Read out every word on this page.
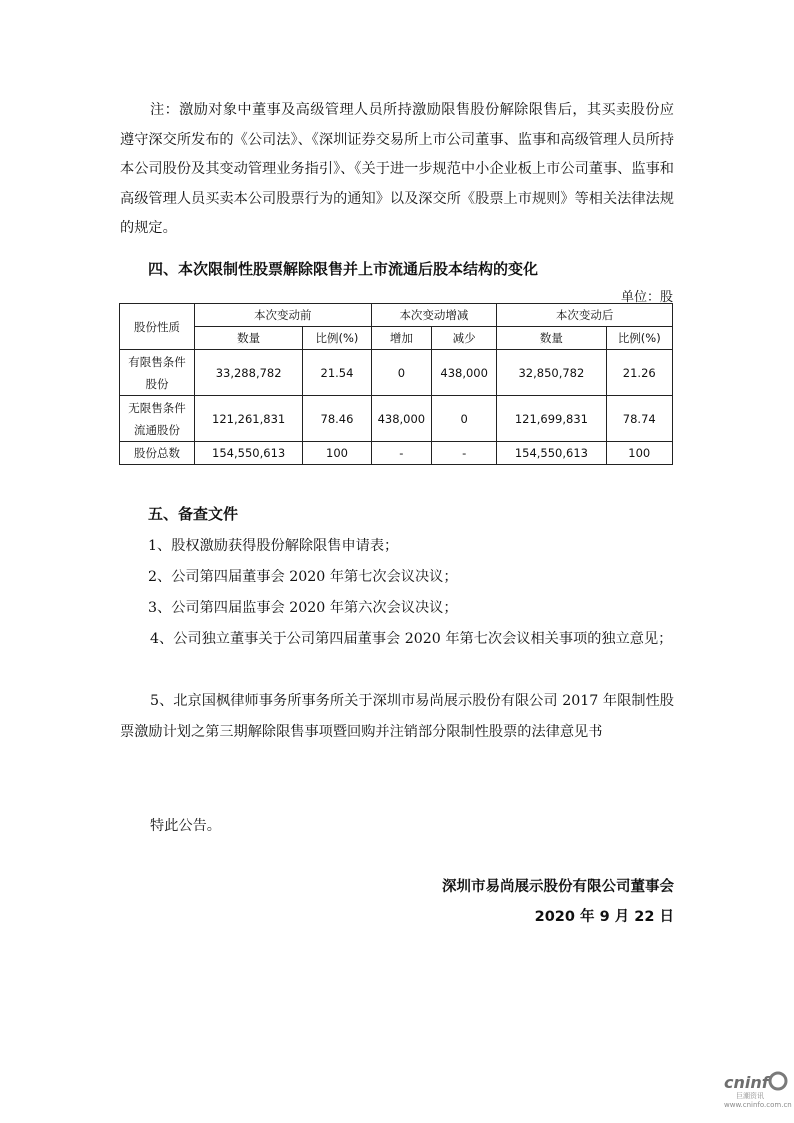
注：激励对象中董事及高级管理人员所持激励限售股份解除限售后，其买卖股份应遵守深交所发布的《公司法》、《深圳证券交易所上市公司董事、监事和高级管理人员所持本公司股份及其变动管理业务指引》、《关于进一步规范中小企业板上市公司董事、监事和高级管理人员买卖本公司股票行为的通知》以及深交所《股票上市规则》等相关法律法规的规定。
四、本次限制性股票解除限售并上市流通后股本结构的变化
单位：股
股份性质	本次变动前		本次变动增减		本次变动后	
	数量	比例(%)	增加	减少	数量	比例(%)
有限售条件
股份	33,288,782	21.54	0	438,000	32,850,782	21.26
无限售条件
流通股份	121,261,831	78.46	438,000	0	121,699,831	78.74
股份总数	154,550,613	100	-	-	154,550,613	100
五、备查文件
1、股权激励获得股份解除限售申请表；
2、公司第四届董事会 2020 年第七次会议决议；
3、公司第四届监事会 2020 年第六次会议决议；
4、公司独立董事关于公司第四届董事会 2020 年第七次会议相关事项的独立意见；
5、北京国枫律师事务所事务所关于深圳市易尚展示股份有限公司 2017 年限制性股票激励计划之第三期解除限售事项暨回购并注销部分限制性股票的法律意见书
特此公告。
深圳市易尚展示股份有限公司董事会
2020 年 9 月 22 日
cninf
巨潮资讯
www.cninfo.com.cn
